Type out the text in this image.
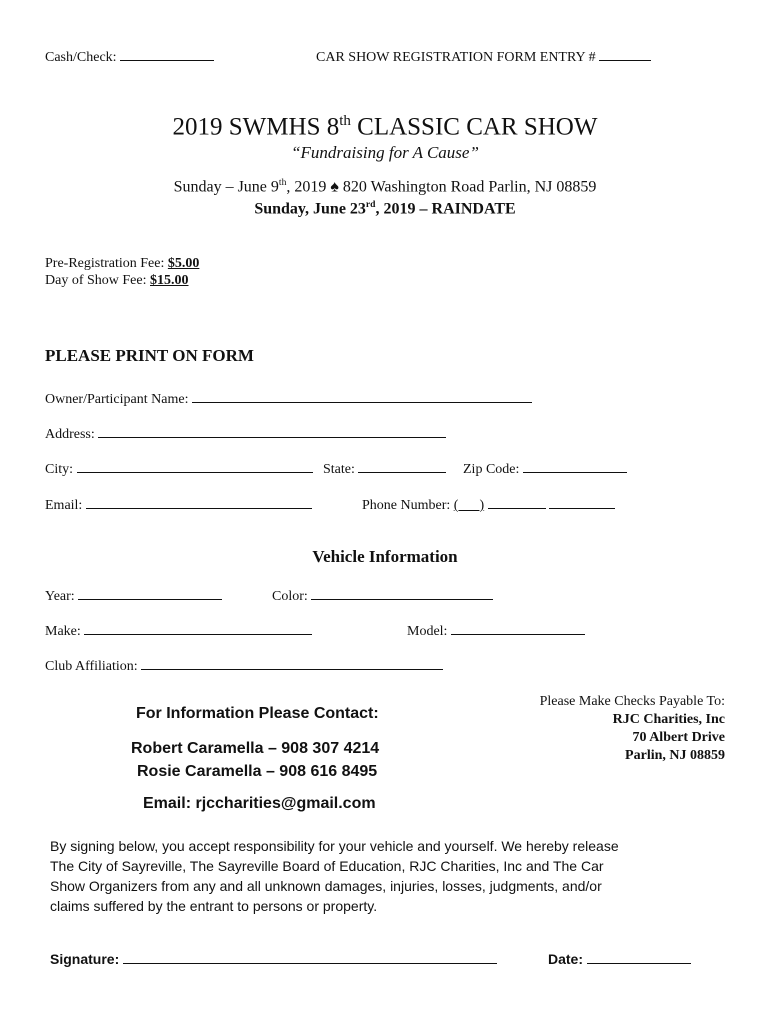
Cash/Check:	CAR SHOW REGISTRATION FORM ENTRY #
2019 SWMHS 8th CLASSIC CAR SHOW
“Fundraising for A Cause”
Sunday – June 9th, 2019 ♠ 820 Washington Road Parlin, NJ 08859
Sunday, June 23rd, 2019 – RAINDATE
Pre-Registration Fee: $5.00
Day of Show Fee: $15.00
PLEASE PRINT ON FORM
Owner/Participant Name:
Address:
City:	State:	Zip Code:
Email:	Phone Number: ( )
Vehicle Information
Year:	Color:
Make:	Model:
Club Affiliation:
For Information Please Contact:
Robert Caramella – 908 307 4214
Rosie Caramella – 908 616 8495
Email: rjccharities@gmail.com
Please Make Checks Payable To:
RJC Charities, Inc
70 Albert Drive
Parlin, NJ 08859
By signing below, you accept responsibility for your vehicle and yourself. We hereby release
The City of Sayreville, The Sayreville Board of Education, RJC Charities, Inc and The Car
Show Organizers from any and all unknown damages, injuries, losses, judgments, and/or
claims suffered by the entrant to persons or property.
Signature:	Date:
